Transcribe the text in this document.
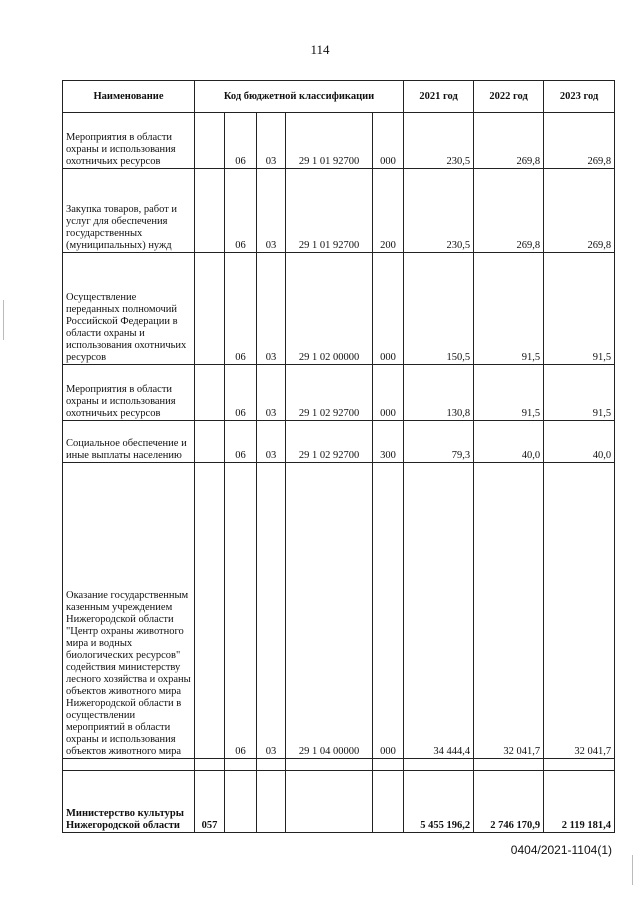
114
Наименование	Код бюджетной классификации					2021 год	2022 год	2023 год
Мероприятия в области охраны и использования охотничьих ресурсов		06	03	29 1 01 92700	000	230,5	269,8	269,8
Закупка товаров, работ и услуг для обеспечения государственных (муниципальных) нужд		06	03	29 1 01 92700	200	230,5	269,8	269,8
Осуществление переданных полномочий Российской Федерации в области охраны и использования охотничьих ресурсов		06	03	29 1 02 00000	000	150,5	91,5	91,5
Мероприятия в области охраны и использования охотничьих ресурсов		06	03	29 1 02 92700	000	130,8	91,5	91,5
Социальное обеспечение и иные выплаты населению		06	03	29 1 02 92700	300	79,3	40,0	40,0
Оказание государственным казенным учреждением Нижегородской области "Центр охраны животного мира и водных биологических ресурсов" содействия министерству лесного хозяйства и охраны объектов животного мира Нижегородской области в осуществлении мероприятий в области охраны и использования объектов животного мира		06	03	29 1 04 00000	000	34 444,4	32 041,7	32 041,7

Министерство культуры Нижегородской области	057					5 455 196,2	2 746 170,9	2 119 181,4
0404/2021-1104(1)
